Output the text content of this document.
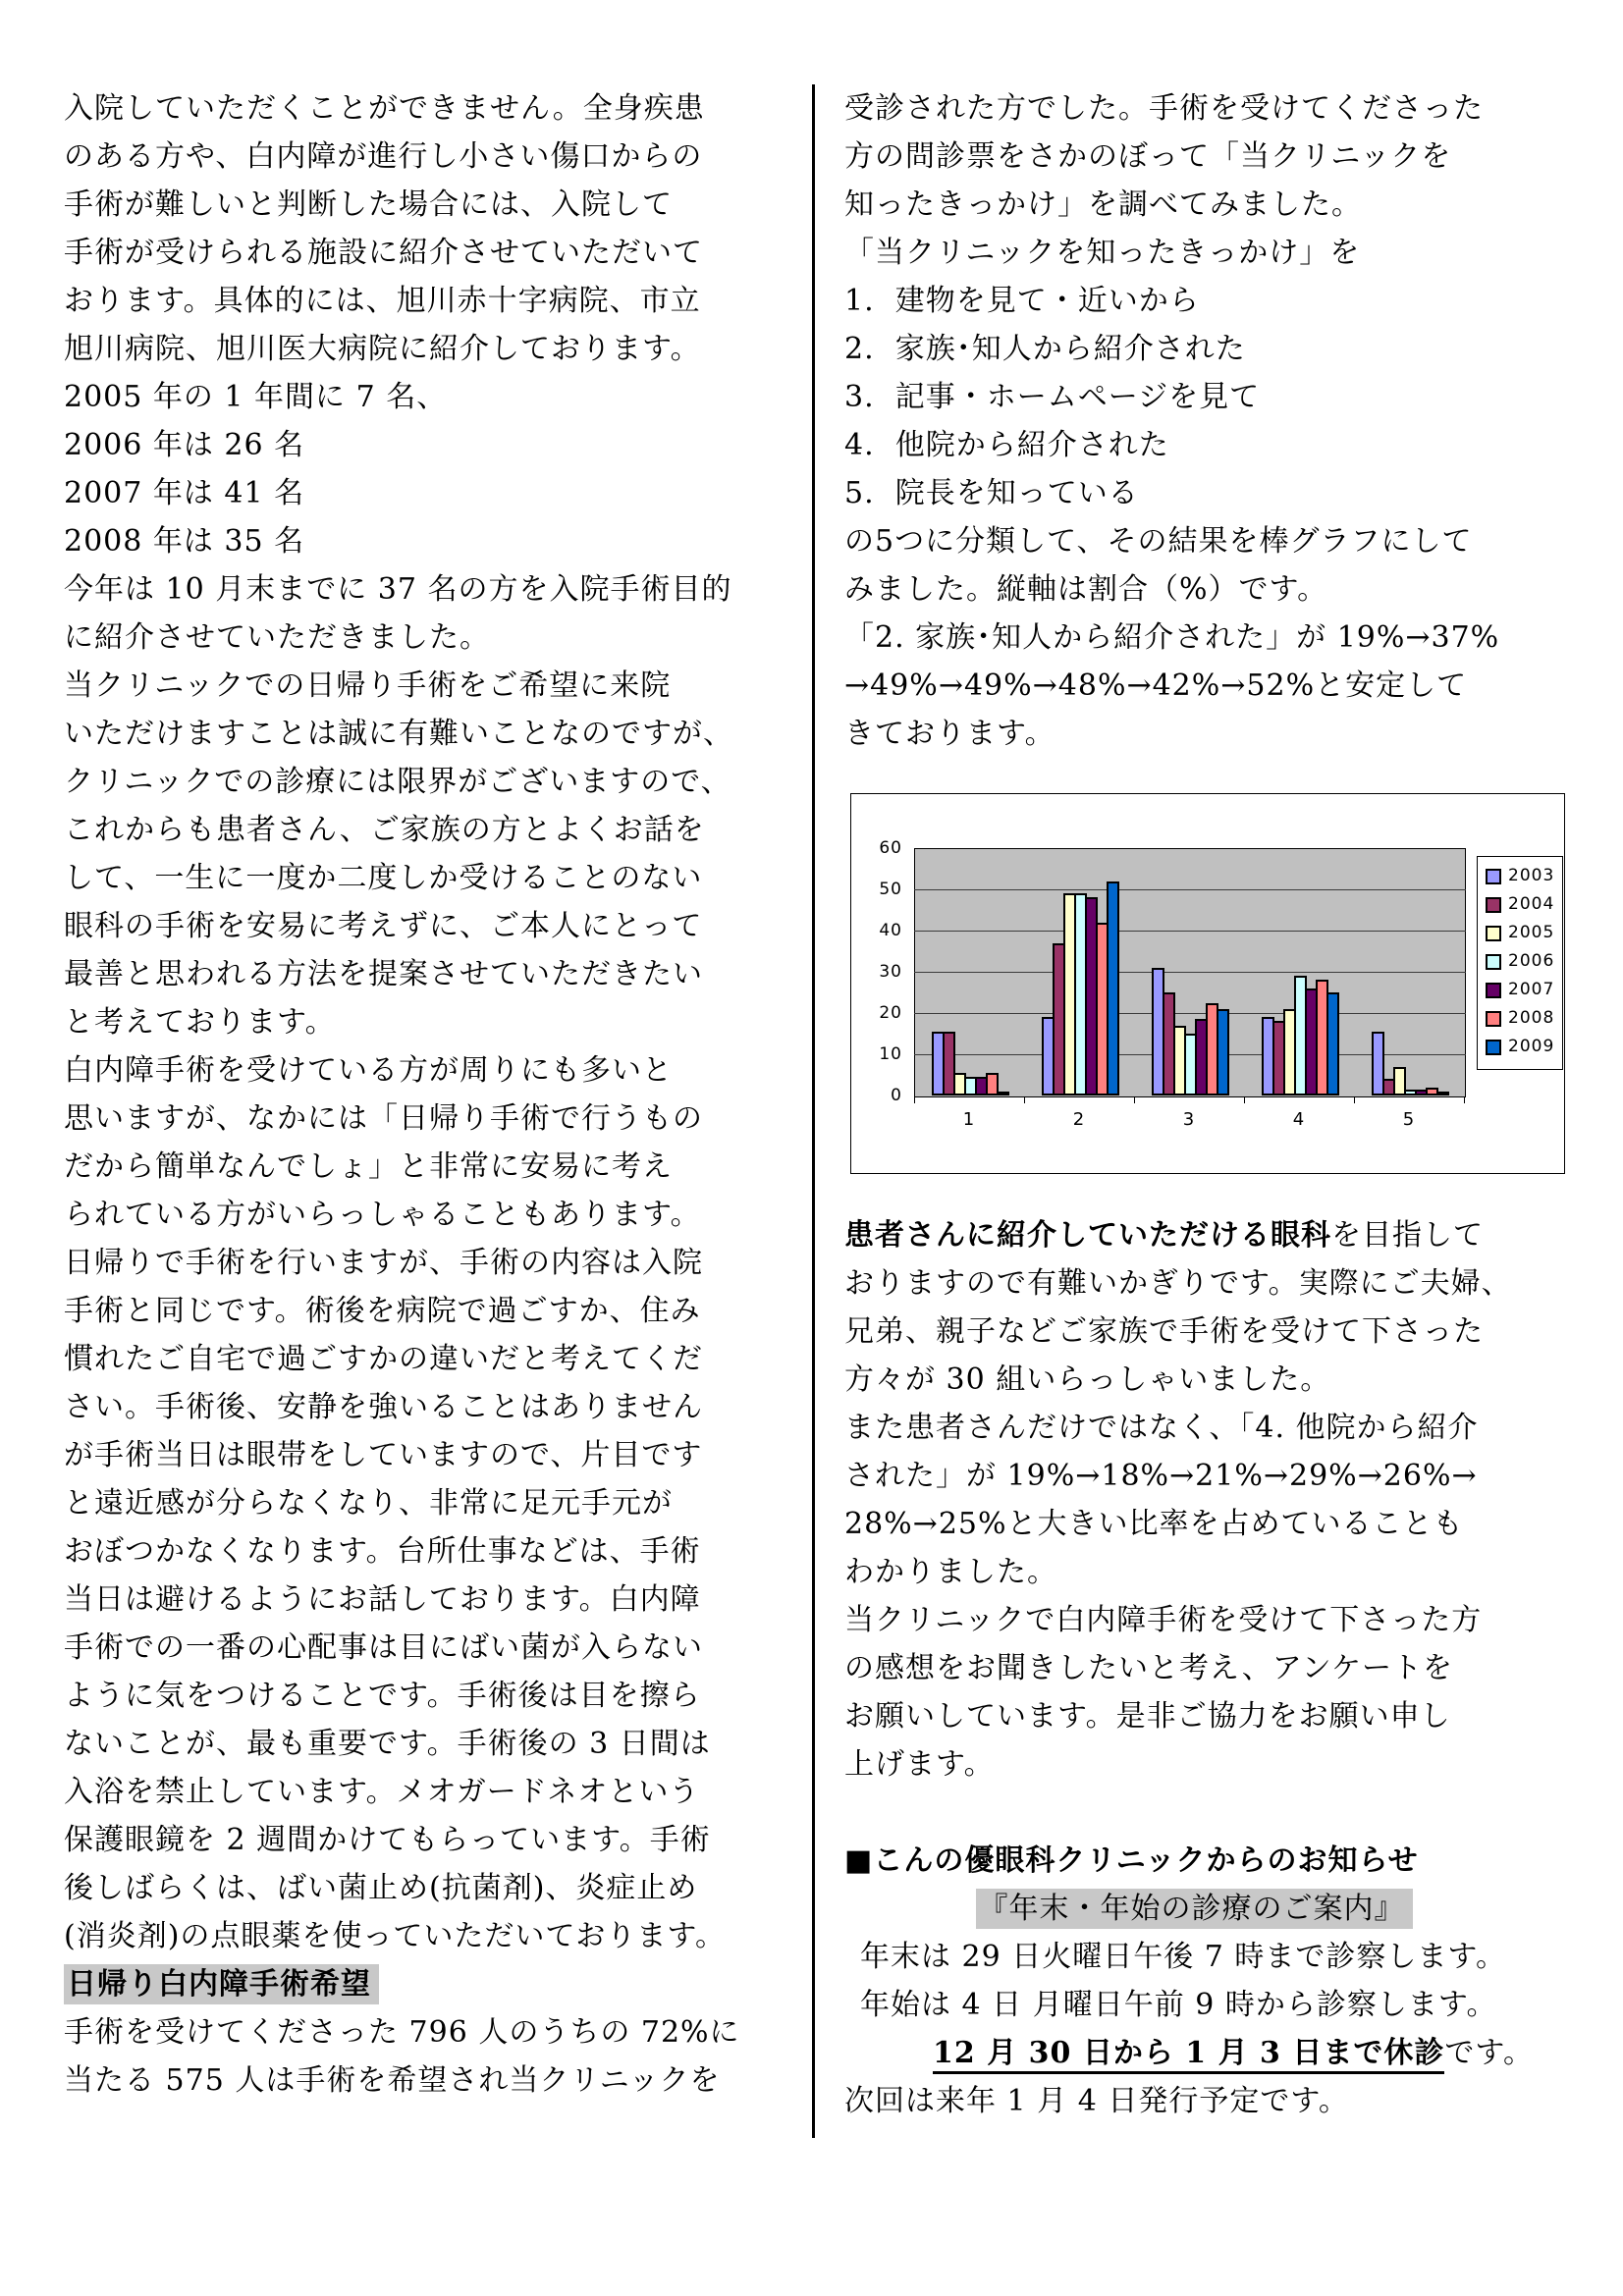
入院していただくことができません。全身疾患
のある方や、白内障が進行し小さい傷口からの
手術が難しいと判断した場合には、入院して
手術が受けられる施設に紹介させていただいて
おります。具体的には、旭川赤十字病院、市立
旭川病院、旭川医大病院に紹介しております。
2005 年の 1 年間に 7 名、
2006 年は 26 名
2007 年は 41 名
2008 年は 35 名
今年は 10 月末までに 37 名の方を入院手術目的
に紹介させていただきました。
当クリニックでの日帰り手術をご希望に来院
いただけますことは誠に有難いことなのですが、
クリニックでの診療には限界がございますので、
これからも患者さん、ご家族の方とよくお話を
して、一生に一度か二度しか受けることのない
眼科の手術を安易に考えずに、ご本人にとって
最善と思われる方法を提案させていただきたい
と考えております。
白内障手術を受けている方が周りにも多いと
思いますが、なかには「日帰り手術で行うもの
だから簡単なんでしょ」と非常に安易に考え
られている方がいらっしゃることもあります。
日帰りで手術を行いますが、手術の内容は入院
手術と同じです。術後を病院で過ごすか、住み
慣れたご自宅で過ごすかの違いだと考えてくだ
さい。手術後、安静を強いることはありません
が手術当日は眼帯をしていますので、片目です
と遠近感が分らなくなり、非常に足元手元が
おぼつかなくなります。台所仕事などは、手術
当日は避けるようにお話しております。白内障
手術での一番の心配事は目にばい菌が入らない
ように気をつけることです。手術後は目を擦ら
ないことが、最も重要です。手術後の 3 日間は
入浴を禁止しています。メオガードネオという
保護眼鏡を 2 週間かけてもらっています。手術
後しばらくは、ばい菌止め(抗菌剤)、炎症止め
(消炎剤)の点眼薬を使っていただいております。
日帰り白内障手術希望
手術を受けてくださった 796 人のうちの 72%に
当たる 575 人は手術を希望され当クリニックを
受診された方でした。手術を受けてくださった
方の問診票をさかのぼって「当クリニックを
知ったきっかけ」を調べてみました。
「当クリニックを知ったきっかけ」を
1.  建物を見て・近いから
2.  家族･知人から紹介された
3.  記事・ホームページを見て
4.  他院から紹介された
5.  院長を知っている
の5つに分類して、その結果を棒グラフにして
みました。縦軸は割合（%）です。
「2. 家族･知人から紹介された」が 19%→37%
→49%→49%→48%→42%→52%と安定して
きております。
0
10
20
30
40
50
60
1	2	3	4	5
2003
2004
2005
2006
2007
2008
2009
患者さんに紹介していただける眼科を目指して
おりますので有難いかぎりです。実際にご夫婦、
兄弟、親子などご家族で手術を受けて下さった
方々が 30 組いらっしゃいました。
また患者さんだけではなく、「4. 他院から紹介
された」が 19%→18%→21%→29%→26%→
28%→25%と大きい比率を占めていることも
わかりました。
当クリニックで白内障手術を受けて下さった方
の感想をお聞きしたいと考え、アンケートを
お願いしています。是非ご協力をお願い申し
上げます。

■こんの優眼科クリニックからのお知らせ
『年末・年始の診療のご案内』
年末は 29 日火曜日午後 7 時まで診察します。
年始は 4 日 月曜日午前 9 時から診察します。
12 月 30 日から 1 月 3 日まで休診です。
次回は来年 1 月 4 日発行予定です。
